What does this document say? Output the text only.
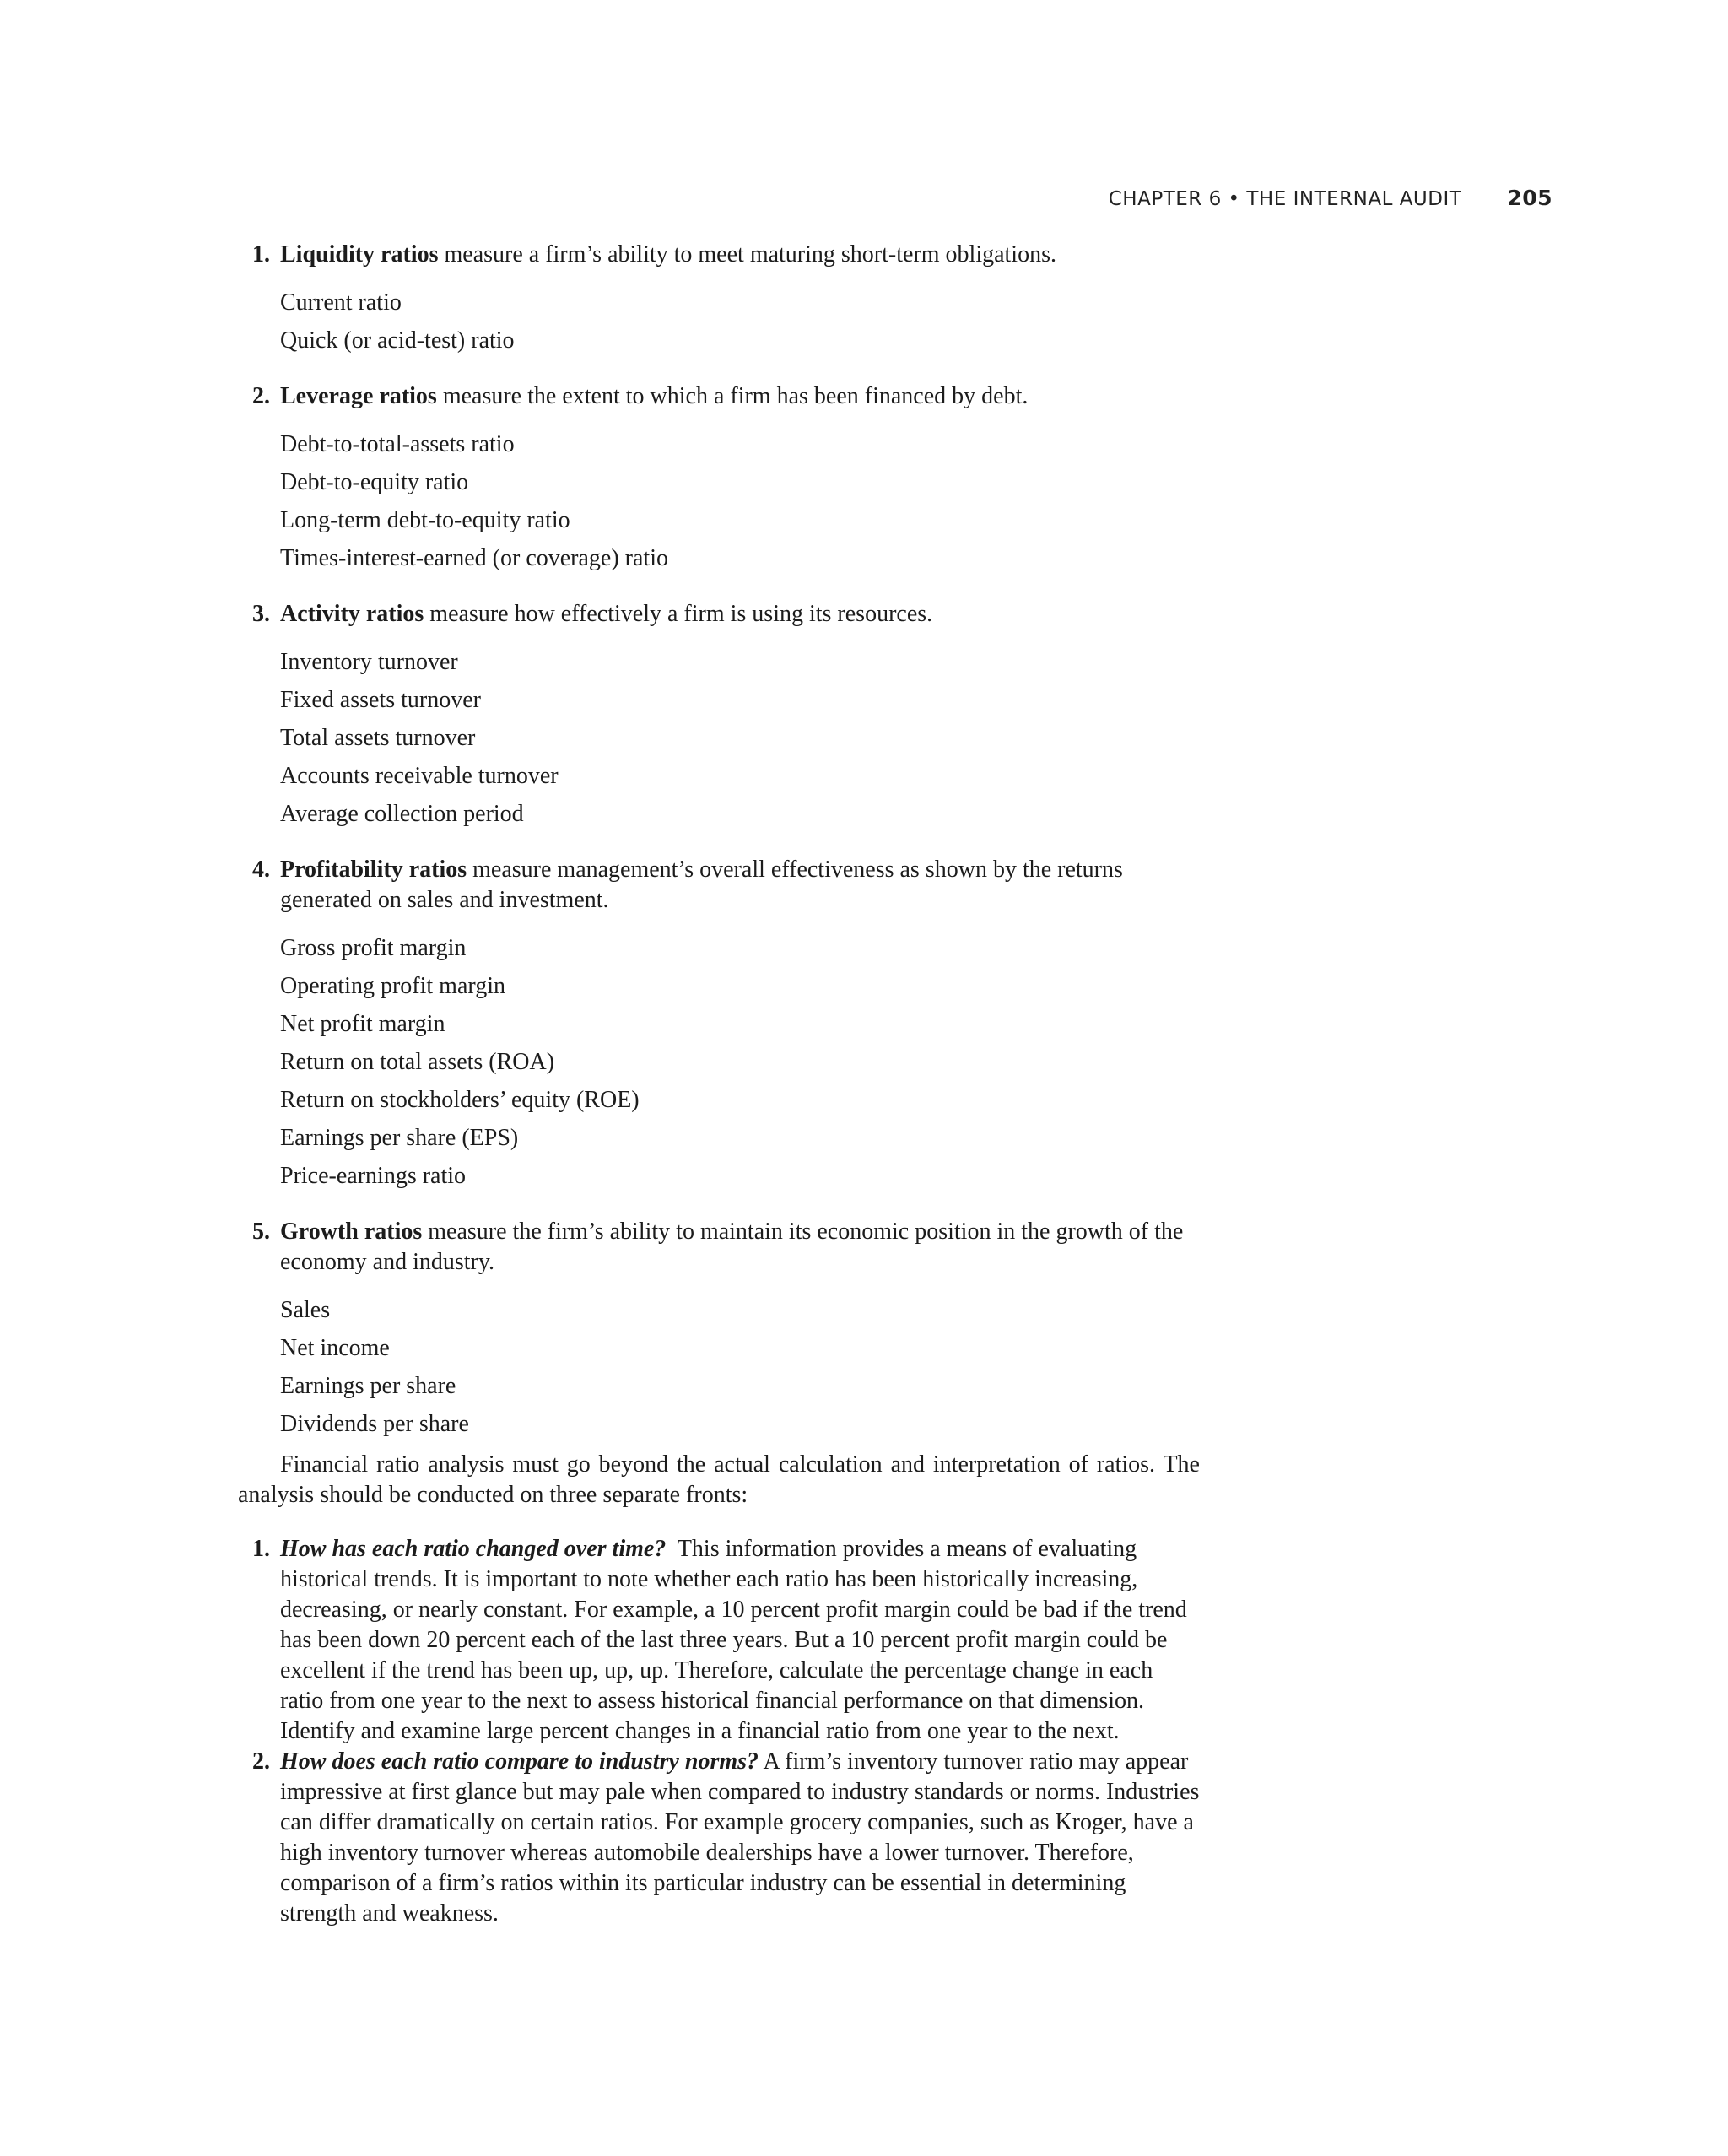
CHAPTER 6 • THE INTERNAL AUDIT 205
1. Liquidity ratios measure a firm’s ability to meet maturing short-term obligations.
Current ratio
Quick (or acid-test) ratio
2. Leverage ratios measure the extent to which a firm has been financed by debt.
Debt-to-total-assets ratio
Debt-to-equity ratio
Long-term debt-to-equity ratio
Times-interest-earned (or coverage) ratio
3. Activity ratios measure how effectively a firm is using its resources.
Inventory turnover
Fixed assets turnover
Total assets turnover
Accounts receivable turnover
Average collection period
4. Profitability ratios measure management’s overall effectiveness as shown by the returns generated on sales and investment.
Gross profit margin
Operating profit margin
Net profit margin
Return on total assets (ROA)
Return on stockholders’ equity (ROE)
Earnings per share (EPS)
Price-earnings ratio
5. Growth ratios measure the firm’s ability to maintain its economic position in the growth of the economy and industry.
Sales
Net income
Earnings per share
Dividends per share

Financial ratio analysis must go beyond the actual calculation and interpretation of ratios. The analysis should be conducted on three separate fronts:

1. How has each ratio changed over time?  This information provides a means of evaluating historical trends. It is important to note whether each ratio has been historically increasing, decreasing, or nearly constant. For example, a 10 percent profit margin could be bad if the trend has been down 20 percent each of the last three years. But a 10 percent profit margin could be excellent if the trend has been up, up, up. Therefore, calculate the percentage change in each ratio from one year to the next to assess historical financial performance on that dimension. Identify and examine large percent changes in a financial ratio from one year to the next.
2. How does each ratio compare to industry norms? A firm’s inventory turnover ratio may appear impressive at first glance but may pale when compared to industry standards or norms. Industries can differ dramatically on certain ratios. For example grocery companies, such as Kroger, have a high inventory turnover whereas automobile dealerships have a lower turnover. Therefore, comparison of a firm’s ratios within its particular industry can be essential in determining strength and weakness.
